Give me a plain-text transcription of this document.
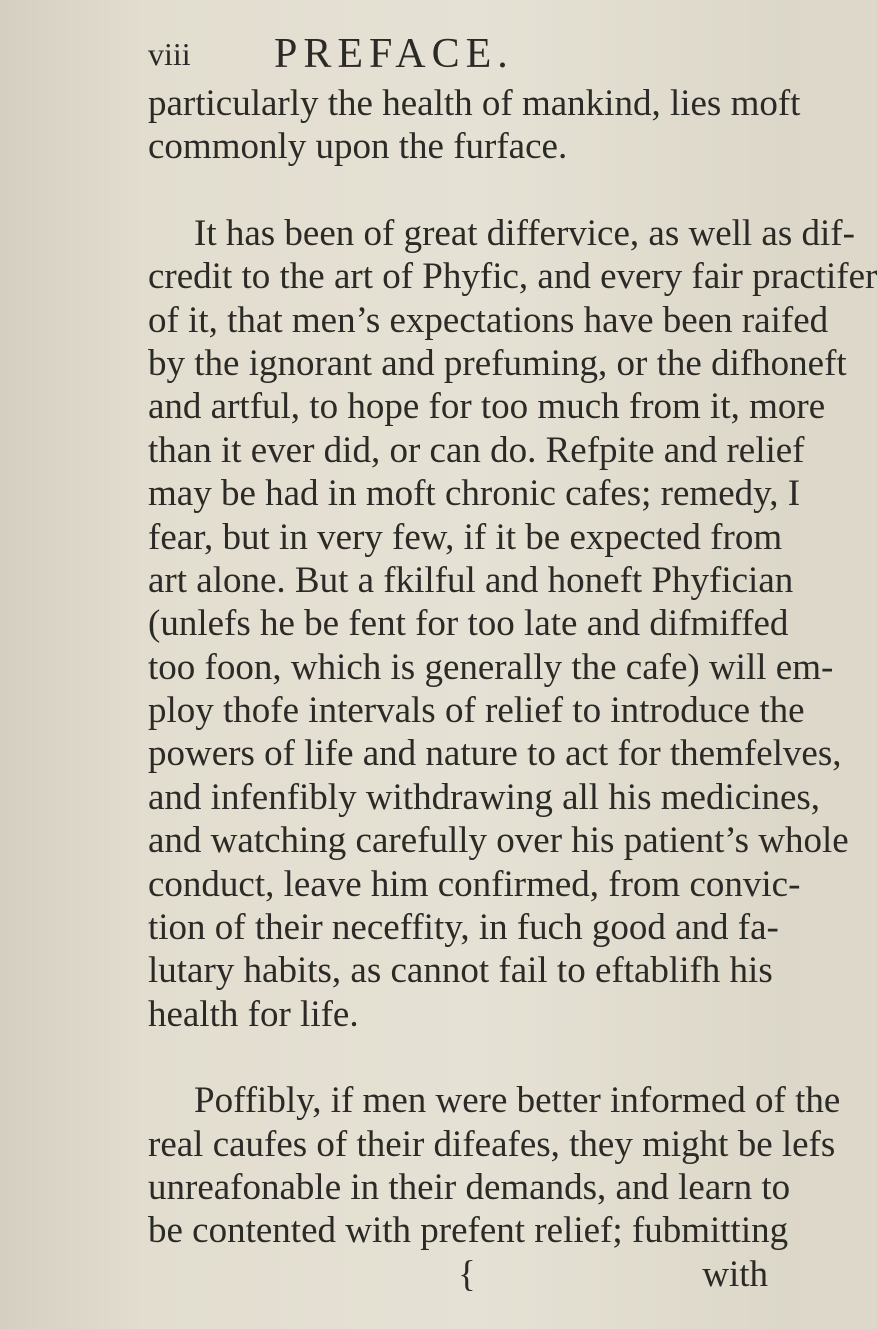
viii PREFACE.
particularly the health of mankind, lies moft
commonly upon the furface.
It has been of great differvice, as well as dif-
credit to the art of Phyfic, and every fair practifer
of it, that men’s expectations have been raifed
by the ignorant and prefuming, or the difhoneft
and artful, to hope for too much from it, more
than it ever did, or can do. Refpite and relief
may be had in moft chronic cafes; remedy, I
fear, but in very few, if it be expected from
art alone. But a fkilful and honeft Phyfician
(unlefs he be fent for too late and difmiffed
too foon, which is generally the cafe) will em-
ploy thofe intervals of relief to introduce the
powers of life and nature to act for themfelves,
and infenfibly withdrawing all his medicines,
and watching carefully over his patient’s whole
conduct, leave him confirmed, from convic-
tion of their neceffity, in fuch good and fa-
lutary habits, as cannot fail to eftablifh his
health for life.
Poffibly, if men were better informed of the
real caufes of their difeafes, they might be lefs
unreafonable in their demands, and learn to
be contented with prefent relief; fubmitting
{	with
